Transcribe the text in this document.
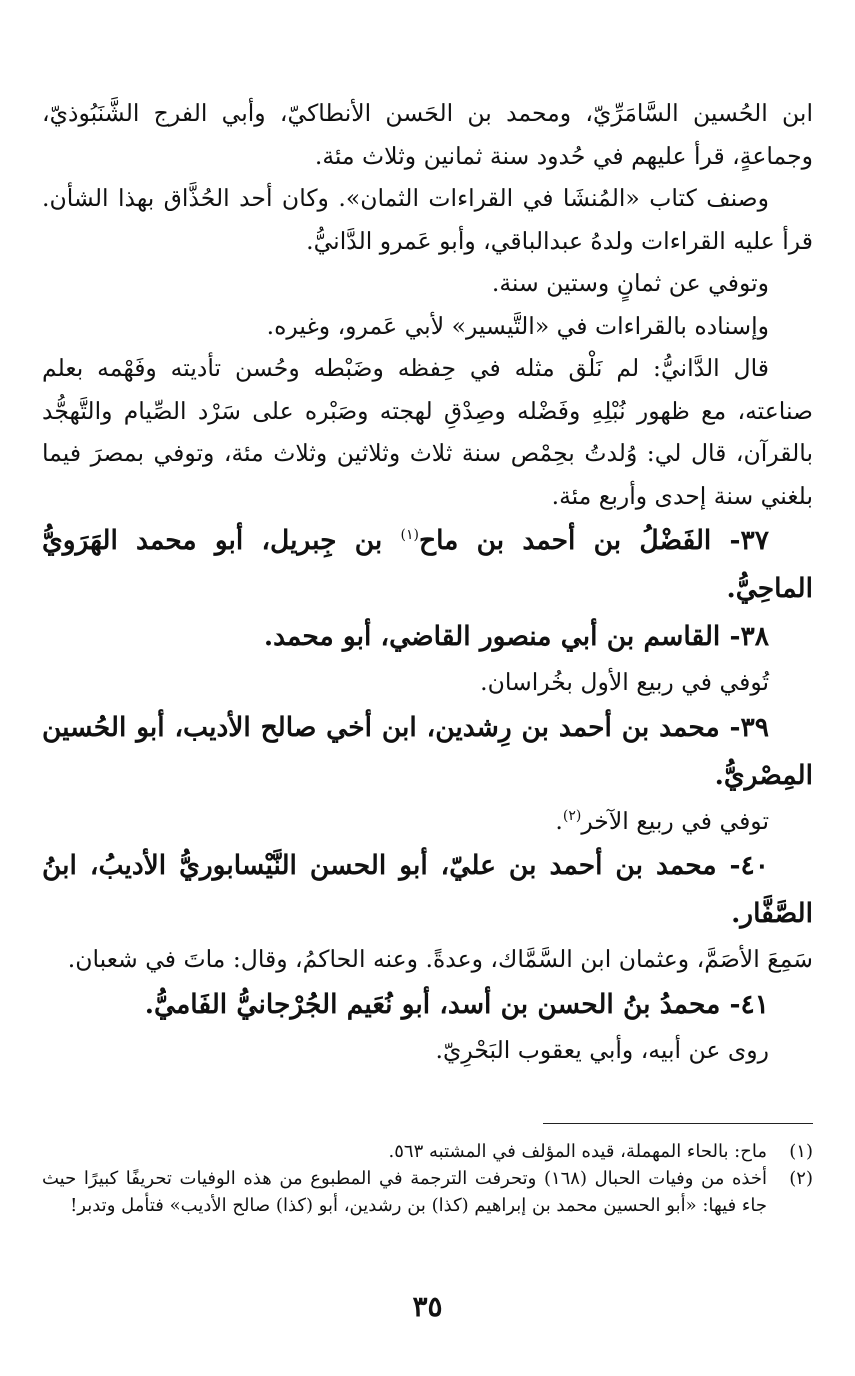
ابن الحُسين السَّامَرِّيّ، ومحمد بن الحَسن الأنطاكيّ، وأبي الفرج الشَّنَبُوذيّ، وجماعةٍ، قرأ عليهم في حُدود سنة ثمانين وثلاث مئة.

وصنف كتاب «المُنشَا في القراءات الثمان». وكان أحد الحُذَّاق بهذا الشأن. قرأ عليه القراءات ولدهُ عبدالباقي، وأبو عَمرو الدَّانيُّ.

وتوفي عن ثمانٍ وستين سنة.

وإسناده بالقراءات في «التَّيسير» لأبي عَمرو، وغيره.

قال الدَّانيُّ: لم نَلْق مثله في حِفظه وضَبْطه وحُسن تأديته وفَهْمه بعلم صناعته، مع ظهور نُبْلِهِ وفَضْله وصِدْقِ لهجته وصَبْره على سَرْد الصِّيام والتَّهجُّد بالقرآن، قال لي: وُلدتُ بحِمْص سنة ثلاث وثلاثين وثلاث مئة، وتوفي بمصرَ فيما بلغني سنة إحدى وأربع مئة.

٣٧- الفَضْلُ بن أحمد بن ماح$^{(١)}$ بن جِبريل، أبو محمد الهَرَويُّ الماحِيُّ.

٣٨- القاسم بن أبي منصور القاضي، أبو محمد.

تُوفي في ربيع الأول بخُراسان.

٣٩- محمد بن أحمد بن رِشدين، ابن أخي صالح الأديب، أبو الحُسين المِصْريُّ.

توفي في ربيع الآخر$^{(٢)}$.

٤٠- محمد بن أحمد بن عليّ، أبو الحسن النَّيْسابوريُّ الأديبُ، ابنُ الصَّفَّار.

سَمِعَ الأصَمَّ، وعثمان ابن السَّمَّاك، وعدةً. وعنه الحاكمُ، وقال: ماتَ في شعبان.

٤١- محمدُ بنُ الحسن بن أسد، أبو نُعَيم الجُرْجانيُّ الفَاميُّ.

روى عن أبيه، وأبي يعقوب البَحْرِيّ.

(١)
ماح: بالحاء المهملة، قيده المؤلف في المشتبه ٥٦٣.

(٢)
أخذه من وفيات الحبال (١٦٨) وتحرفت الترجمة في المطبوع من هذه الوفيات تحريفًا كبيرًا حيث جاء فيها: «أبو الحسين محمد بن إبراهيم (كذا) بن رشدين، أبو (كذا) صالح الأديب» فتأمل وتدبر!

٣٥
